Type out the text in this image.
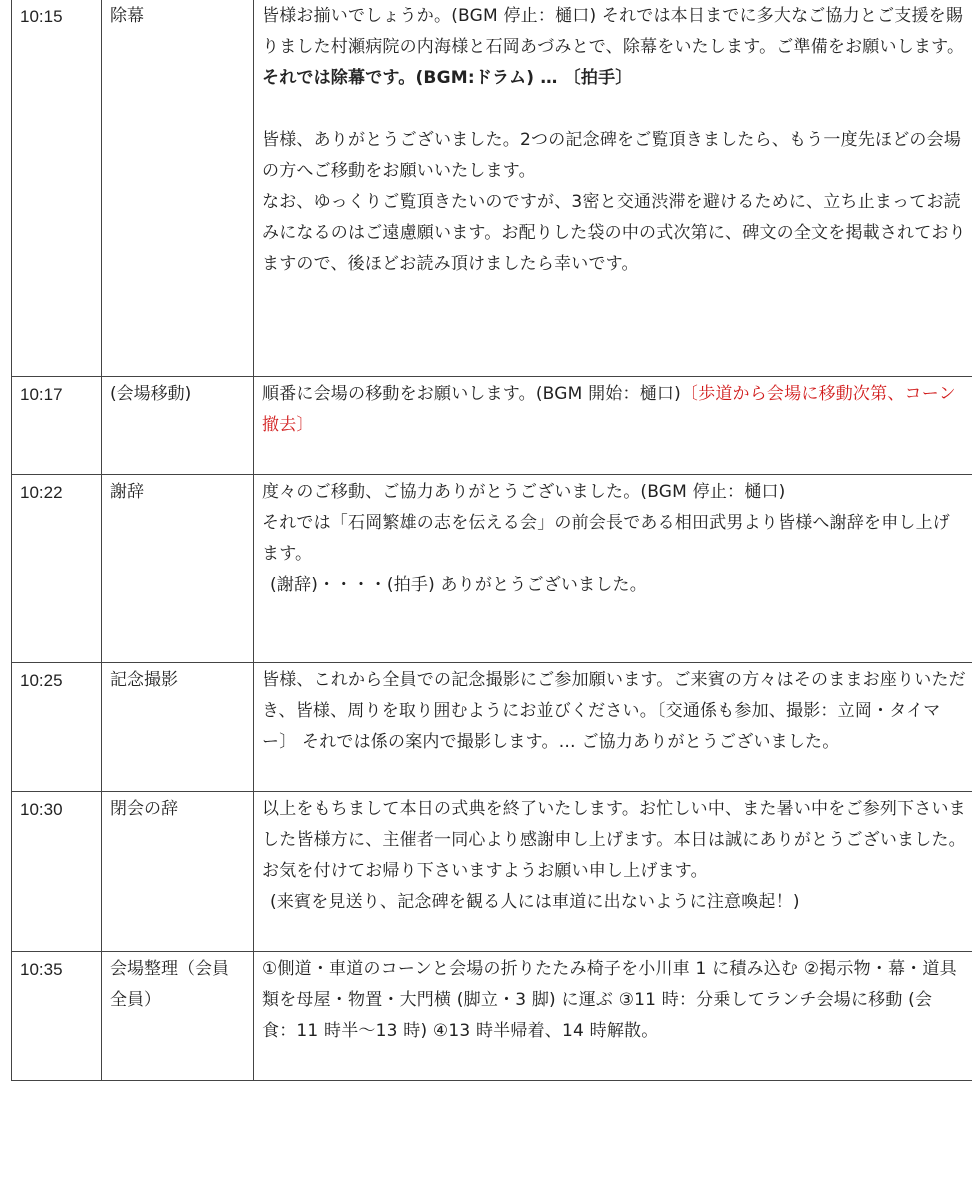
10:15	除幕	皆様お揃いでしょうか。(BGM 停止：樋口) それでは本日までに多大なご協力とご支援を賜りました村瀬病院の内海様と石岡あづみとで、除幕をいたします。ご準備をお願いします。
それでは除幕です。(BGM:ドラム) … 〔拍手〕
皆様、ありがとうございました。2つの記念碑をご覧頂きましたら、もう一度先ほどの会場の方へご移動をお願いいたします。
なお、ゆっくりご覧頂きたいのですが、3密と交通渋滞を避けるために、立ち止まってお読みになるのはご遠慮願います。お配りした袋の中の式次第に、碑文の全文を掲載されておりますので、後ほどお読み頂けましたら幸いです。

10:17	(会場移動)	順番に会場の移動をお願いします。(BGM 開始：樋口)〔歩道から会場に移動次第、コーン撤去〕
10:22	謝辞	度々のご移動、ご協力ありがとうございました。(BGM 停止：樋口)
それでは「石岡繁雄の志を伝える会」の前会長である相田武男より皆様へ謝辞を申し上げます。
(謝辞)・・・・(拍手) ありがとうございました。

10:25	記念撮影	皆様、これから全員での記念撮影にご参加願います。ご来賓の方々はそのままお座りいただき、皆様、周りを取り囲むようにお並びください。〔交通係も参加、撮影：立岡・タイマー〕 それでは係の案内で撮影します。… ご協力ありがとうございました。
10:30	閉会の辞	以上をもちまして本日の式典を終了いたします。お忙しい中、また暑い中をご参列下さいました皆様方に、主催者一同心より感謝申し上げます。本日は誠にありがとうございました。
お気を付けてお帰り下さいますようお願い申し上げます。
(来賓を見送り、記念碑を観る人には車道に出ないように注意喚起！)

10:35	会場整理（会員全員）	①側道・車道のコーンと会場の折りたたみ椅子を小川車 1 に積み込む ②掲示物・幕・道具類を母屋・物置・大門横 (脚立・3 脚) に運ぶ ③11 時：分乗してランチ会場に移動 (会食：11 時半～13 時) ④13 時半帰着、14 時解散。
